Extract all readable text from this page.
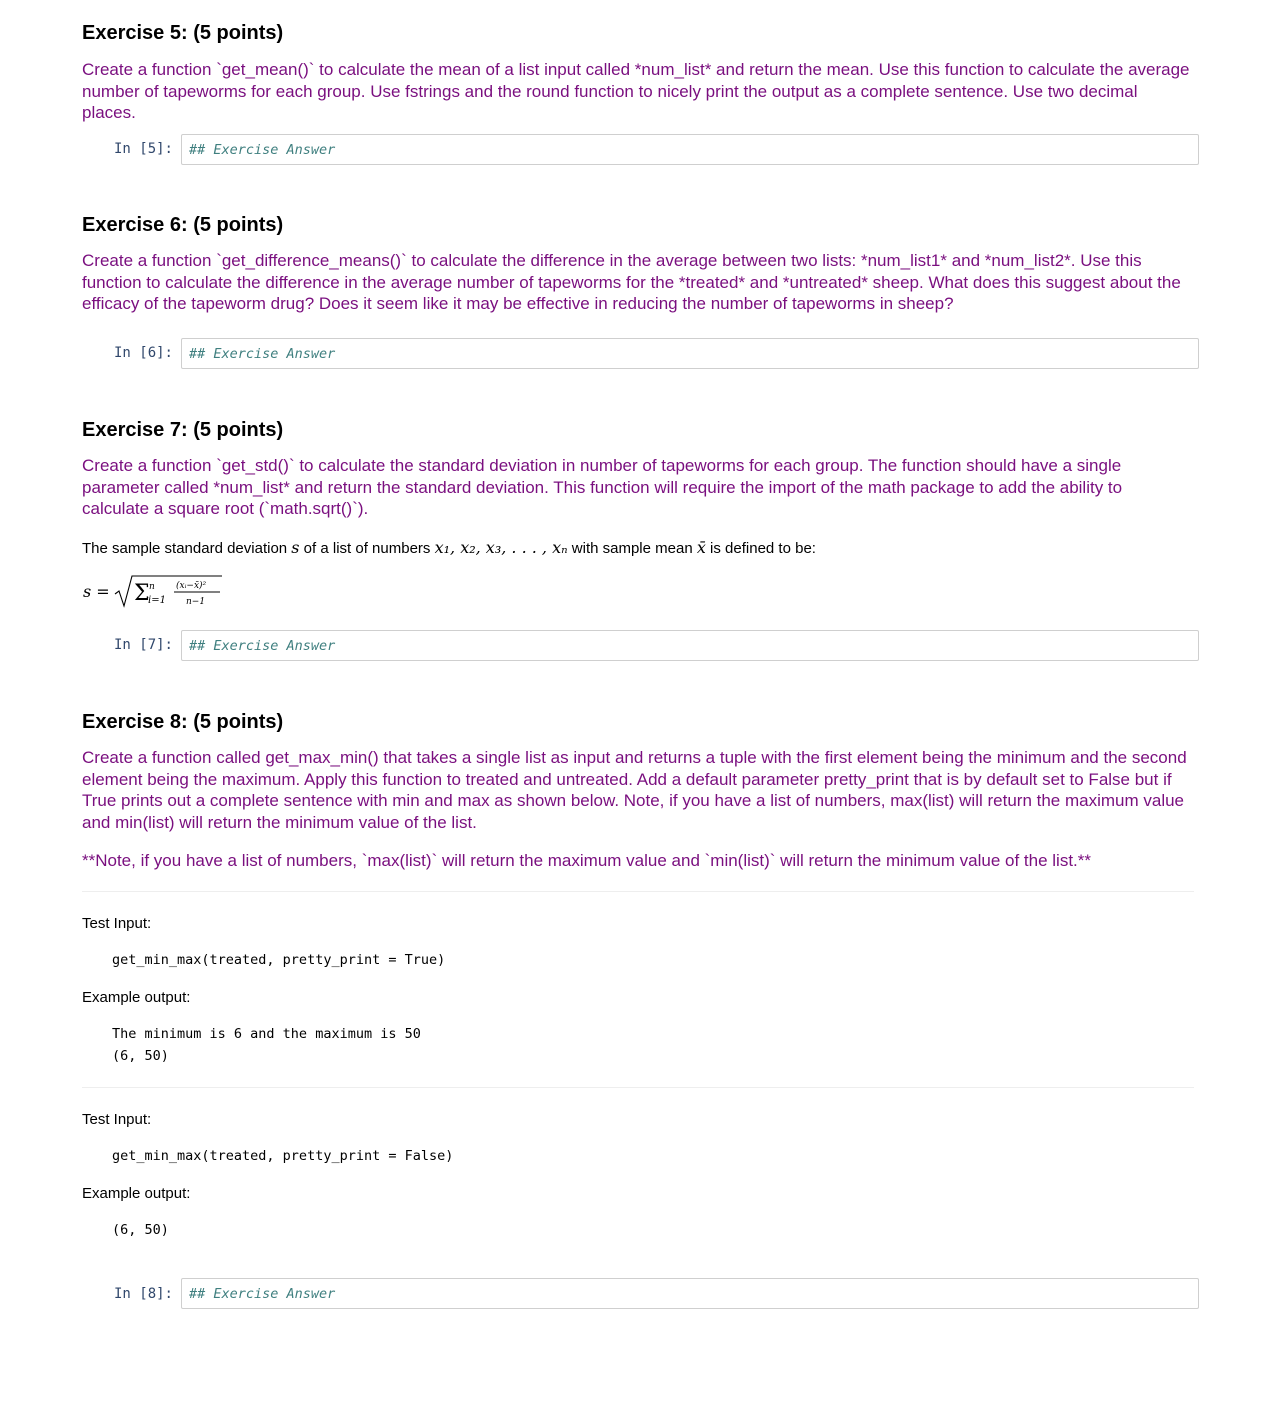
Exercise 5: (5 points)

Create a function `get_mean()` to calculate the mean of a list input called *num_list* and return the mean. Use this function to calculate the average number of tapeworms for each group. Use fstrings and the round function to nicely print the output as a complete sentence. Use two decimal places.

In [5]:	## Exercise Answer
Exercise 6: (5 points)

Create a function `get_difference_means()` to calculate the difference in the average between two lists: *num_list1* and *num_list2*. Use this function to calculate the difference in the average number of tapeworms for the *treated* and *untreated* sheep. What does this suggest about the efficacy of the tapeworm drug? Does it seem like it may be effective in reducing the number of tapeworms in sheep?

In [6]:	## Exercise Answer
Exercise 7: (5 points)

Create a function `get_std()` to calculate the standard deviation in number of tapeworms for each group. The function should have a single parameter called *num_list* and return the standard deviation. This function will require the import of the math package to add the ability to calculate a square root (`math.sqrt()`).

The sample standard deviation s of a list of numbers x₁, x₂, x₃, . . . , xₙ with sample mean x̄ is defined to be:

s = Σ n
i=1
(xᵢ−x̄)²
n−1
In [7]:	## Exercise Answer
Exercise 8: (5 points)

Create a function called get_max_min() that takes a single list as input and returns a tuple with the first element being the minimum and the second element being the maximum. Apply this function to treated and untreated. Add a default parameter pretty_print that is by default set to False but if True prints out a complete sentence with min and max as shown below. Note, if you have a list of numbers, max(list) will return the maximum value and min(list) will return the minimum value of the list.

**Note, if you have a list of numbers, `max(list)` will return the maximum value and `min(list)` will return the minimum value of the list.**

Test Input:

get_min_max(treated, pretty_print = True)

Example output:

The minimum is 6 and the maximum is 50
(6, 50)

Test Input:

get_min_max(treated, pretty_print = False)

Example output:

(6, 50)
In [8]:	## Exercise Answer
